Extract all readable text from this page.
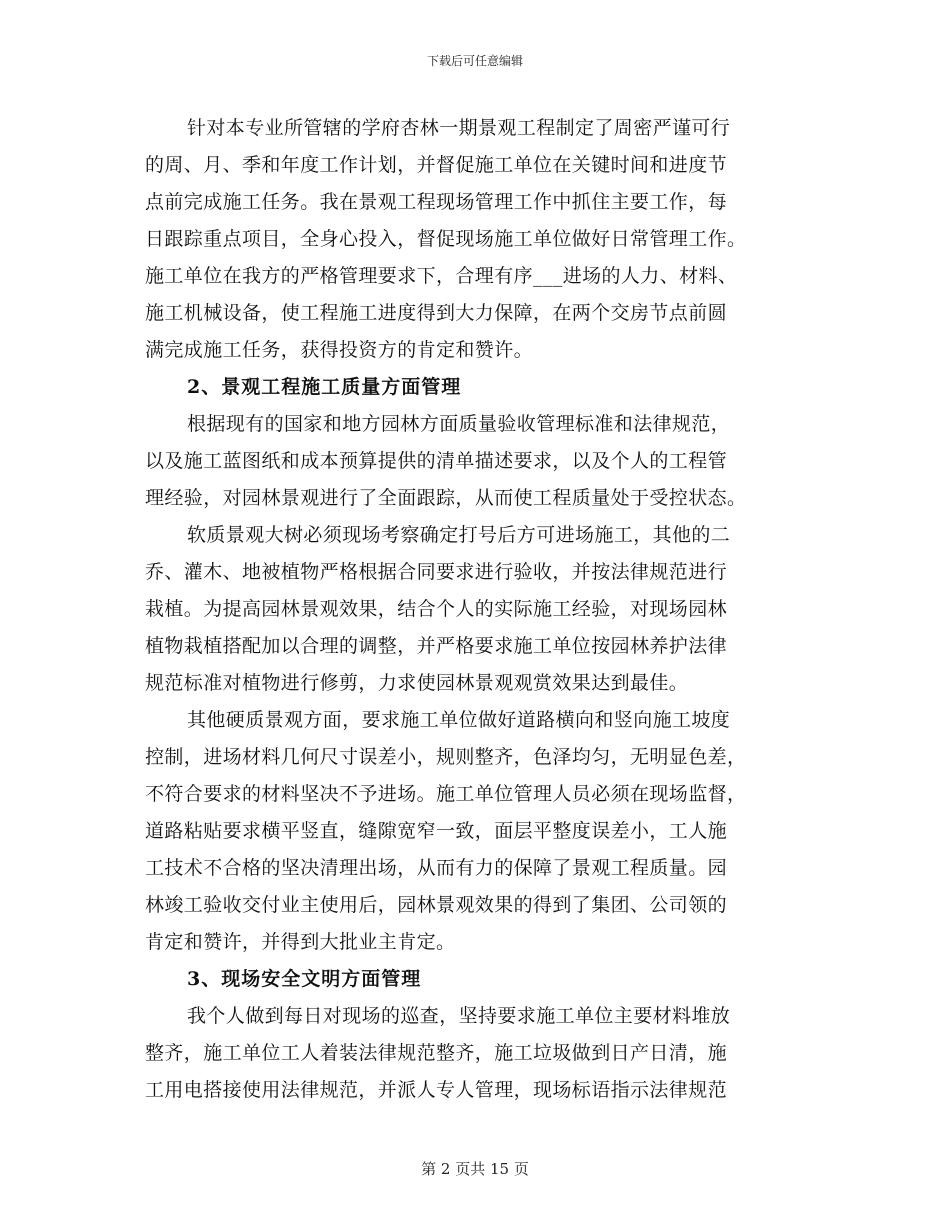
下载后可任意编辑
针对本专业所管辖的学府杏林一期景观工程制定了周密严谨可行
的周、月、季和年度工作计划，并督促施工单位在关键时间和进度节
点前完成施工任务。我在景观工程现场管理工作中抓住主要工作，每
日跟踪重点项目，全身心投入，督促现场施工单位做好日常管理工作。
施工单位在我方的严格管理要求下，合理有序___进场的人力、材料、
施工机械设备，使工程施工进度得到大力保障，在两个交房节点前圆
满完成施工任务，获得投资方的肯定和赞许。
2、景观工程施工质量方面管理
根据现有的国家和地方园林方面质量验收管理标准和法律规范，
以及施工蓝图纸和成本预算提供的清单描述要求，以及个人的工程管
理经验，对园林景观进行了全面跟踪，从而使工程质量处于受控状态。
软质景观大树必须现场考察确定打号后方可进场施工，其他的二
乔、灌木、地被植物严格根据合同要求进行验收，并按法律规范进行
栽植。为提高园林景观效果，结合个人的实际施工经验，对现场园林
植物栽植搭配加以合理的调整，并严格要求施工单位按园林养护法律
规范标准对植物进行修剪，力求使园林景观观赏效果达到最佳。
其他硬质景观方面，要求施工单位做好道路横向和竖向施工坡度
控制，进场材料几何尺寸误差小，规则整齐，色泽均匀，无明显色差，
不符合要求的材料坚决不予进场。施工单位管理人员必须在现场监督，
道路粘贴要求横平竖直，缝隙宽窄一致，面层平整度误差小，工人施
工技术不合格的坚决清理出场，从而有力的保障了景观工程质量。园
林竣工验收交付业主使用后，园林景观效果的得到了集团、公司领的
肯定和赞许，并得到大批业主肯定。
3、现场安全文明方面管理
我个人做到每日对现场的巡查，坚持要求施工单位主要材料堆放
整齐，施工单位工人着装法律规范整齐，施工垃圾做到日产日清，施
工用电搭接使用法律规范，并派人专人管理，现场标语指示法律规范
第 2 页共 15 页
